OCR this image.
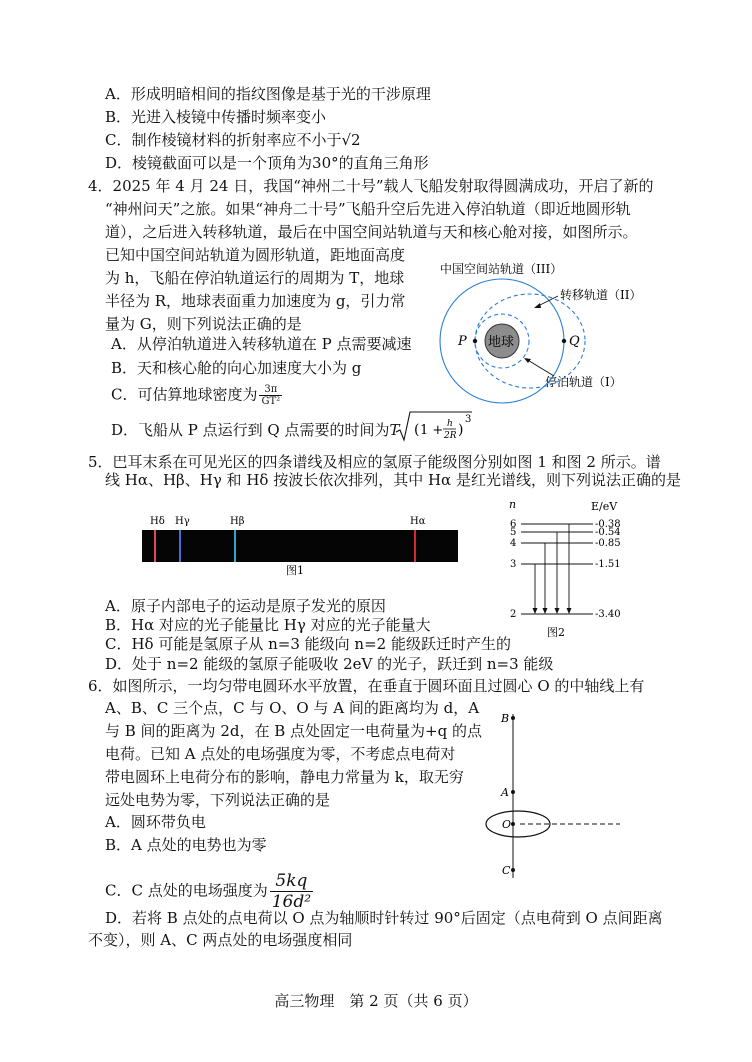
A．形成明暗相间的指纹图像是基于光的干涉原理
B．光进入棱镜中传播时频率变小
C．制作棱镜材料的折射率应不小于√2
D．棱镜截面可以是一个顶角为30°的直角三角形
4．2025 年 4 月 24 日，我国“神州二十号”载人飞船发射取得圆满成功，开启了新的
“神州问天”之旅。如果“神舟二十号”飞船升空后先进入停泊轨道（即近地圆形轨
道），之后进入转移轨道，最后在中国空间站轨道与天和核心舱对接，如图所示。
已知中国空间站轨道为圆形轨道，距地面高度
为 h，飞船在停泊轨道运行的周期为 T，地球
半径为 R，地球表面重力加速度为 g，引力常
量为 G，则下列说法正确的是
A．从停泊轨道进入转移轨道在 P 点需要减速
B．天和核心舱的向心加速度大小为 g
C．可估算地球密度为 $\frac{3\pi}{\text{GT²}}$
D．飞船从 P 点运行到 Q 点需要的时间为T ( 1 + h
2R )
3
中国空间站轨道（III）
转移轨道（II）
停泊轨道（I）
地球
P	Q
5．巴耳末系在可见光区的四条谱线及相应的氢原子能级图分别如图 1 和图 2 所示。谱
线 Hα、Hβ、Hγ 和 Hδ 按波长依次排列，其中 Hα 是红光谱线，则下列说法正确的是
Hδ Hγ	Hβ	Hα
图1
n	E/eV
6	-0.38
5	-0.54
4	-0.85
3	-1.51
2	-3.40
图2
A．原子内部电子的运动是原子发光的原因
B．Hα 对应的光子能量比 Hγ 对应的光子能量大
C．Hδ 可能是氢原子从 n=3 能级向 n=2 能级跃迁时产生的
D．处于 n=2 能级的氢原子能吸收 2eV 的光子，跃迁到 n=3 能级
6．如图所示，一均匀带电圆环水平放置，在垂直于圆环面且过圆心 O 的中轴线上有
A、B、C 三个点，C 与 O、O 与 A 间的距离均为 d，A
与 B 间的距离为 2d，在 B 点处固定一电荷量为+q 的点
电荷。已知 A 点处的电场强度为零，不考虑点电荷对
带电圆环上电荷分布的影响，静电力常量为 k，取无穷
远处电势为零，下列说法正确的是
A．圆环带负电
B．A 点处的电势也为零
C．C 点处的电场强度为 $\frac{5kq}{\text{16d²}}$
D．若将 B 点处的点电荷以 O 点为轴顺时针转过 90°后固定（点电荷到 O 点间距离
不变），则 A、C 两点处的电场强度相同
B
A
O
C
高三物理　第 2 页（共 6 页）
